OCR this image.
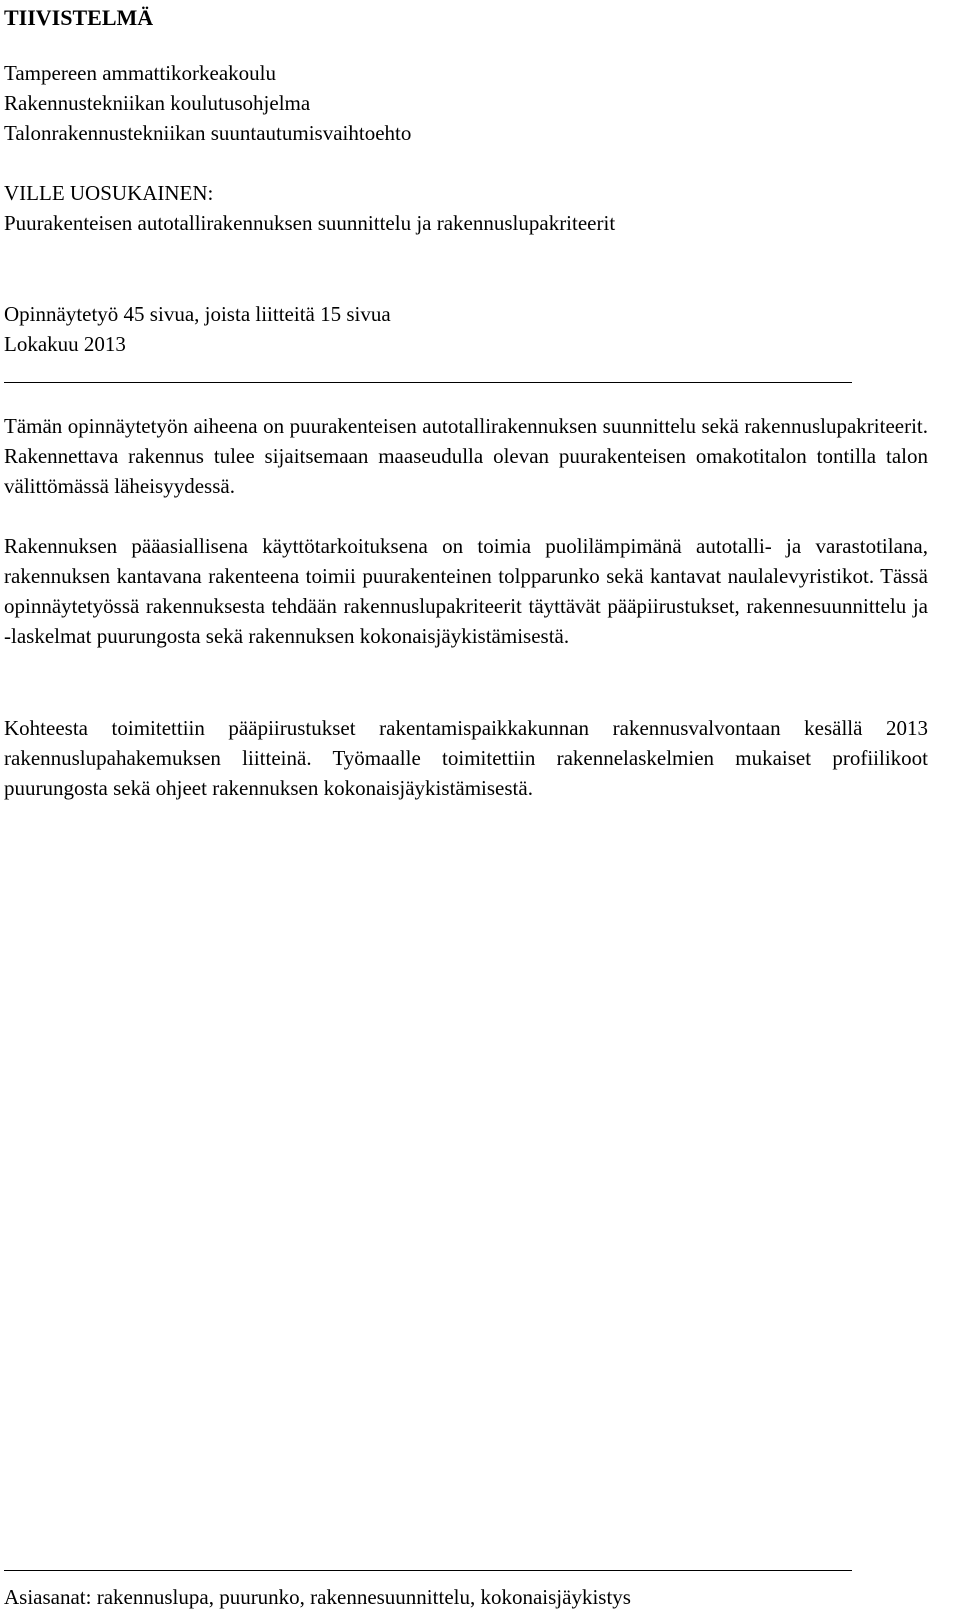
TIIVISTELMÄ
Tampereen ammattikorkeakoulu
Rakennustekniikan koulutusohjelma
Talonrakennustekniikan suuntautumisvaihtoehto
VILLE UOSUKAINEN:
Puurakenteisen autotallirakennuksen suunnittelu ja rakennuslupakriteerit
Opinnäytetyö 45 sivua, joista liitteitä 15 sivua
Lokakuu 2013

Tämän opinnäytetyön aiheena on puurakenteisen autotallirakennuksen suunnittelu sekä rakennuslupakriteerit. Rakennettava rakennus tulee sijaitsemaan maaseudulla olevan puurakenteisen omakotitalon tontilla talon välittömässä läheisyydessä.

Rakennuksen pääasiallisena käyttötarkoituksena on toimia puolilämpimänä autotalli- ja varastotilana, rakennuksen kantavana rakenteena toimii puurakenteinen tolpparunko sekä kantavat naulalevyristikot. Tässä opinnäytetyössä rakennuksesta tehdään rakennuslupakriteerit täyttävät pääpiirustukset, rakennesuunnittelu ja -laskelmat puurungosta sekä rakennuksen kokonaisjäykistämisestä.

Kohteesta toimitettiin pääpiirustukset rakentamispaikkakunnan rakennusvalvontaan kesällä 2013 rakennuslupahakemuksen liitteinä. Työmaalle toimitettiin rakennelaskelmien mukaiset profiilikoot puurungosta sekä ohjeet rakennuksen kokonaisjäykistämisestä.

Asiasanat: rakennuslupa, puurunko, rakennesuunnittelu, kokonaisjäykistys
